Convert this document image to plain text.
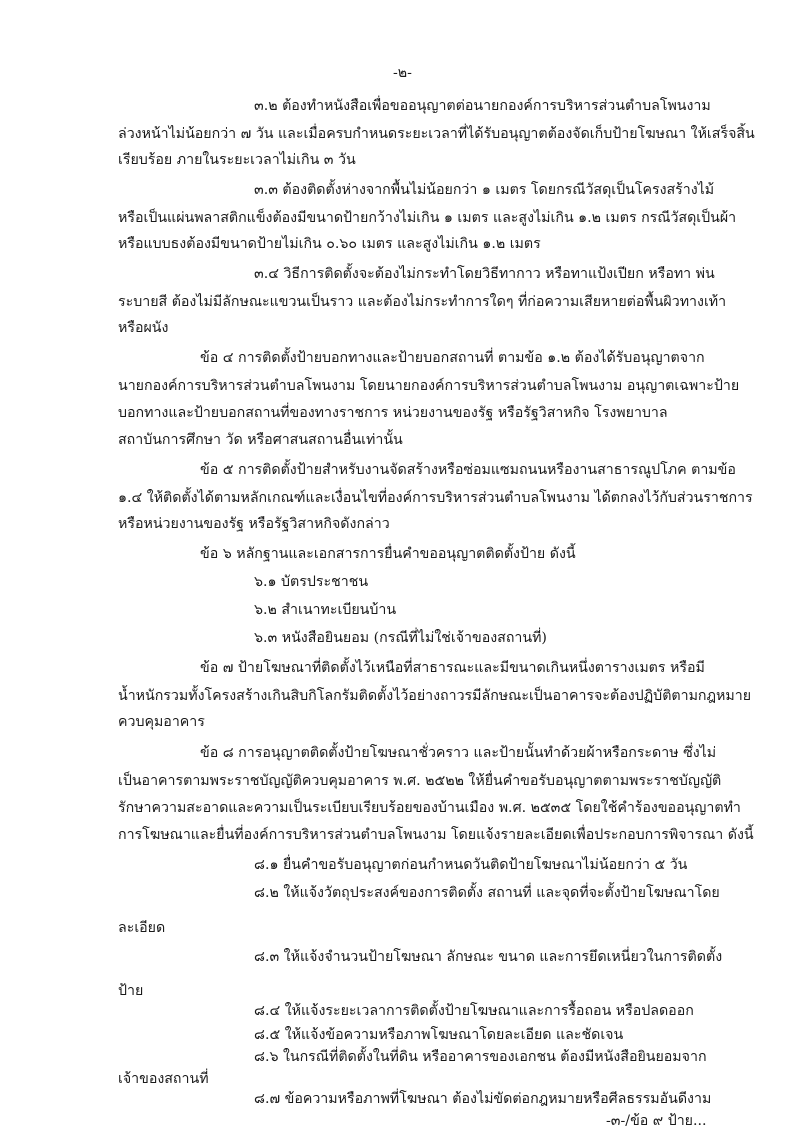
-๒-
๓.๒ ต้องทำหนังสือเพื่อขออนุญาตต่อนายกองค์การบริหารส่วนตำบลโพนงาม
ล่วงหน้าไม่น้อยกว่า ๗ วัน และเมื่อครบกำหนดระยะเวลาที่ได้รับอนุญาตต้องจัดเก็บป้ายโฆษณา ให้เสร็จสิ้น
เรียบร้อย ภายในระยะเวลาไม่เกิน ๓ วัน
๓.๓ ต้องติดตั้งห่างจากพื้นไม่น้อยกว่า ๑ เมตร โดยกรณีวัสดุเป็นโครงสร้างไม้
หรือเป็นแผ่นพลาสติกแข็งต้องมีขนาดป้ายกว้างไม่เกิน ๑ เมตร และสูงไม่เกิน ๑.๒ เมตร กรณีวัสดุเป็นผ้า
หรือแบบธงต้องมีขนาดป้ายไม่เกิน ๐.๖๐ เมตร และสูงไม่เกิน ๑.๒ เมตร
๓.๔ วิธีการติดตั้งจะต้องไม่กระทำโดยวิธีทากาว หรือทาแป้งเปียก หรือทา พ่น
ระบายสี ต้องไม่มีลักษณะแขวนเป็นราว และต้องไม่กระทำการใดๆ ที่ก่อความเสียหายต่อพื้นผิวทางเท้า
หรือผนัง
ข้อ ๔ การติดตั้งป้ายบอกทางและป้ายบอกสถานที่ ตามข้อ ๑.๒ ต้องได้รับอนุญาตจาก
นายกองค์การบริหารส่วนตำบลโพนงาม โดยนายกองค์การบริหารส่วนตำบลโพนงาม อนุญาตเฉพาะป้าย
บอกทางและป้ายบอกสถานที่ของทางราชการ หน่วยงานของรัฐ หรือรัฐวิสาหกิจ โรงพยาบาล
สถาบันการศึกษา วัด หรือศาสนสถานอื่นเท่านั้น
ข้อ ๕ การติดตั้งป้ายสำหรับงานจัดสร้างหรือซ่อมแซมถนนหรืองานสาธารณูปโภค ตามข้อ
๑.๔ ให้ติดตั้งได้ตามหลักเกณฑ์และเงื่อนไขที่องค์การบริหารส่วนตำบลโพนงาม ได้ตกลงไว้กับส่วนราชการ
หรือหน่วยงานของรัฐ หรือรัฐวิสาหกิจดังกล่าว
ข้อ ๖ หลักฐานและเอกสารการยื่นคำขออนุญาตติดตั้งป้าย ดังนี้
๖.๑ บัตรประชาชน
๖.๒ สำเนาทะเบียนบ้าน
๖.๓ หนังสือยินยอม (กรณีที่ไม่ใช่เจ้าของสถานที่)
ข้อ ๗ ป้ายโฆษณาที่ติดตั้งไว้เหนือที่สาธารณะและมีขนาดเกินหนึ่งตารางเมตร หรือมี
น้ำหนักรวมทั้งโครงสร้างเกินสิบกิโลกรัมติดตั้งไว้อย่างถาวรมีลักษณะเป็นอาคารจะต้องปฏิบัติตามกฎหมาย
ควบคุมอาคาร
ข้อ ๘ การอนุญาตติดตั้งป้ายโฆษณาชั่วคราว และป้ายนั้นทำด้วยผ้าหรือกระดาษ ซึ่งไม่
เป็นอาคารตามพระราชบัญญัติควบคุมอาคาร พ.ศ. ๒๕๒๒ ให้ยื่นคำขอรับอนุญาตตามพระราชบัญญัติ
รักษาความสะอาดและความเป็นระเบียบเรียบร้อยของบ้านเมือง พ.ศ. ๒๕๓๕ โดยใช้คำร้องขออนุญาตทำ
การโฆษณาและยื่นที่องค์การบริหารส่วนตำบลโพนงาม โดยแจ้งรายละเอียดเพื่อประกอบการพิจารณา ดังนี้
๘.๑ ยื่นคำขอรับอนุญาตก่อนกำหนดวันติดป้ายโฆษณาไม่น้อยกว่า ๕ วัน
๘.๒ ให้แจ้งวัตถุประสงค์ของการติดตั้ง สถานที่ และจุดที่จะตั้งป้ายโฆษณาโดย
ละเอียด
๘.๓ ให้แจ้งจำนวนป้ายโฆษณา ลักษณะ ขนาด และการยึดเหนี่ยวในการติดตั้ง
ป้าย
๘.๔ ให้แจ้งระยะเวลาการติดตั้งป้ายโฆษณาและการรื้อถอน หรือปลดออก
๘.๕ ให้แจ้งข้อความหรือภาพโฆษณาโดยละเอียด และชัดเจน
๘.๖ ในกรณีที่ติดตั้งในที่ดิน หรืออาคารของเอกชน ต้องมีหนังสือยินยอมจาก
เจ้าของสถานที่
๘.๗ ข้อความหรือภาพที่โฆษณา ต้องไม่ขัดต่อกฎหมายหรือศีลธรรมอันดีงาม
-๓-/ข้อ ๙ ป้าย...
